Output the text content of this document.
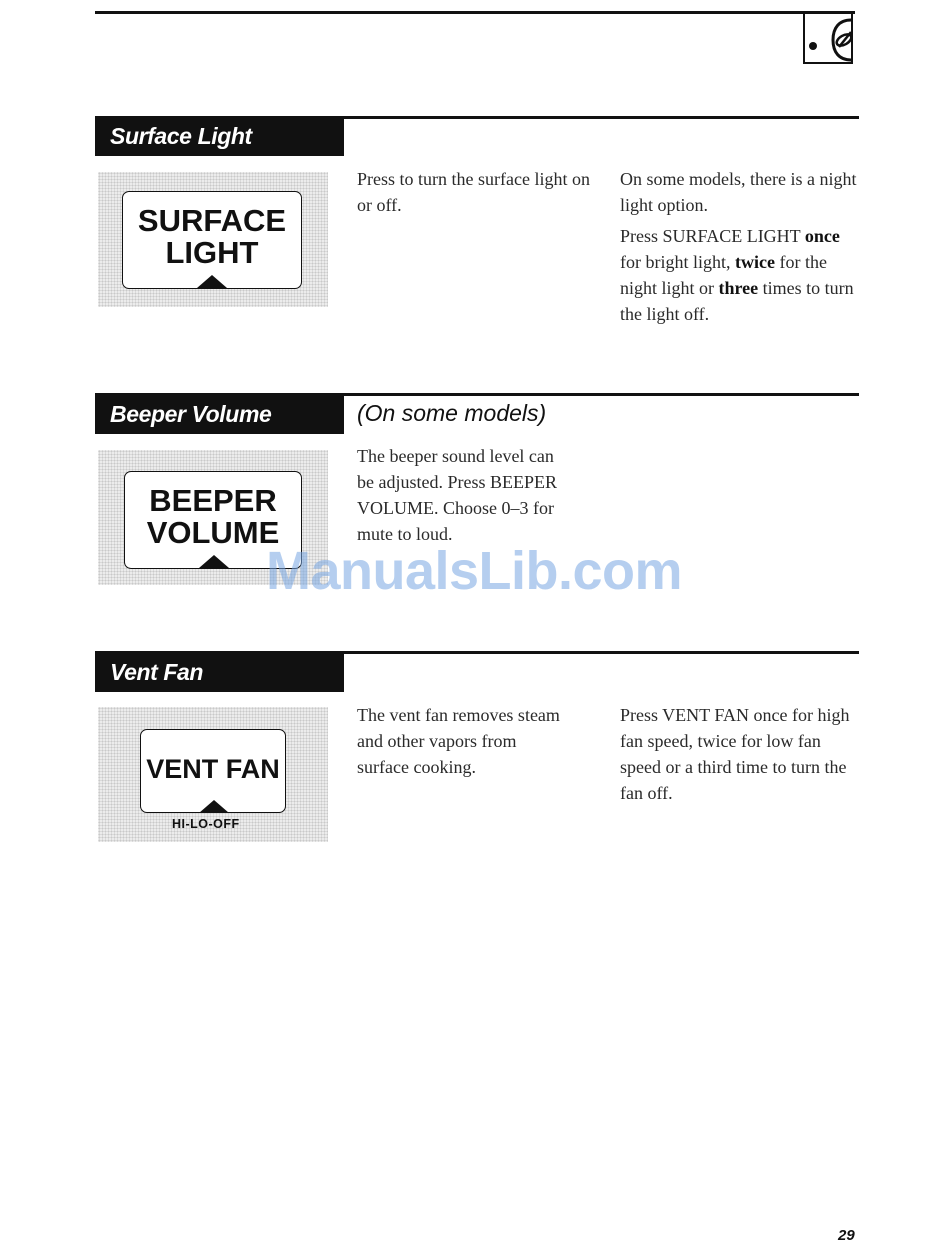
Surface Light
SURFACE
LIGHT

Press to turn the surface light on or off.

On some models, there is a night light option.

Press SURFACE LIGHT once for bright light, twice for the night light or three times to turn the light off.

Beeper Volume	(On some models)
BEEPER
VOLUME

The beeper sound level can be adjusted. Press BEEPER VOLUME. Choose 0–3 for mute to loud.

ManualsLib.com
Vent Fan
VENT FAN
HI-LO-OFF

The vent fan removes steam and other vapors from surface cooking.

Press VENT FAN once for high fan speed, twice for low fan speed or a third time to turn the fan off.

29
